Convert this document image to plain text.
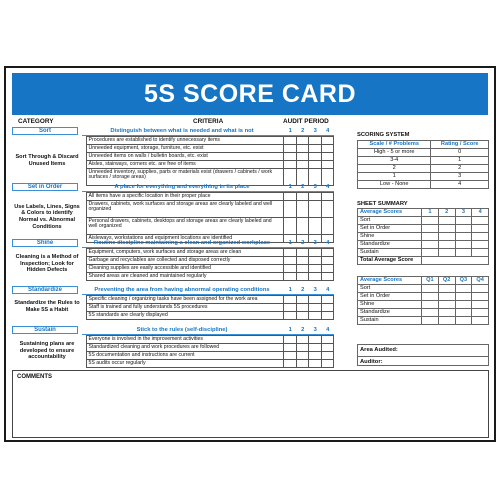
5S SCORE CARD
CATEGORY	CRITERIA	AUDIT PERIOD
Sort	Distinguish between what is needed and what is not	1	2	3	4
Sort Through & Discard Unused Items
Procedures are established to identify unnecessary items
Unneeded equipment, storage, furniture, etc. exist
Unneeded items on walls / bulletin boards, etc. exist
Aisles, stairways, corners etc. are free of items
Unneeded inventory, supplies, parts or materials exist (drawers / cabinets / work surfaces / storage areas)
Set in Order	A place for everything and everything in its place	1	2	3	4
Use Labels, Lines, Signs & Colors to identify Normal vs. Abnormal Conditions
All items have a specific location in their proper place
Drawers, cabinets, work surfaces and storage areas are clearly labeled and well organized
Personal drawers, cabinets, desktops and storage areas are clearly labeled and well organized
Aisleways, workstations and equipment locations are identified
Shine	Routine discipline maintaining a clean and organized workplace	1	2	3	4
Cleaning is a Method of Inspection; Look for Hidden Defects
Equipment, computers, work surfaces and storage areas are clean
Garbage and recyclables are collected and disposed correctly
Cleaning supplies are easily accessible and identified
Shared areas are cleaned and maintained regularly
Standardize	Preventing the area from having abnormal operating conditions	1	2	3	4
Standardize the Rules to Make 5S a Habit
Specific cleaning / organizing tasks have been assigned for the work area
Staff is trained and fully understands 5S procedures
5S standards are clearly displayed
Sustain	Stick to the rules (self-discipline)	1	2	3	4
Sustaining plans are developed to ensure accountability
Everyone is involved in the improvement activities
Standardized cleaning and work procedures are followed
5S documentation and instructions are current
5S audits occur regularly
SCORING SYSTEM
Scale / # Problems	Rating / Score
High - 5 or more	0
3-4	1
2	2
1	3
Low - None	4
SHEET SUMMARY
Average Scores	1	2	3	4
Sort				
Set in Order				
Shine				
Standardize				
Sustain				
Total Average Score				
Average Scores	Q1	Q2	Q3	Q4
Sort				
Set in Order				
Shine				
Standardize				
Sustain				
Area Audited:
Auditor:
COMMENTS
